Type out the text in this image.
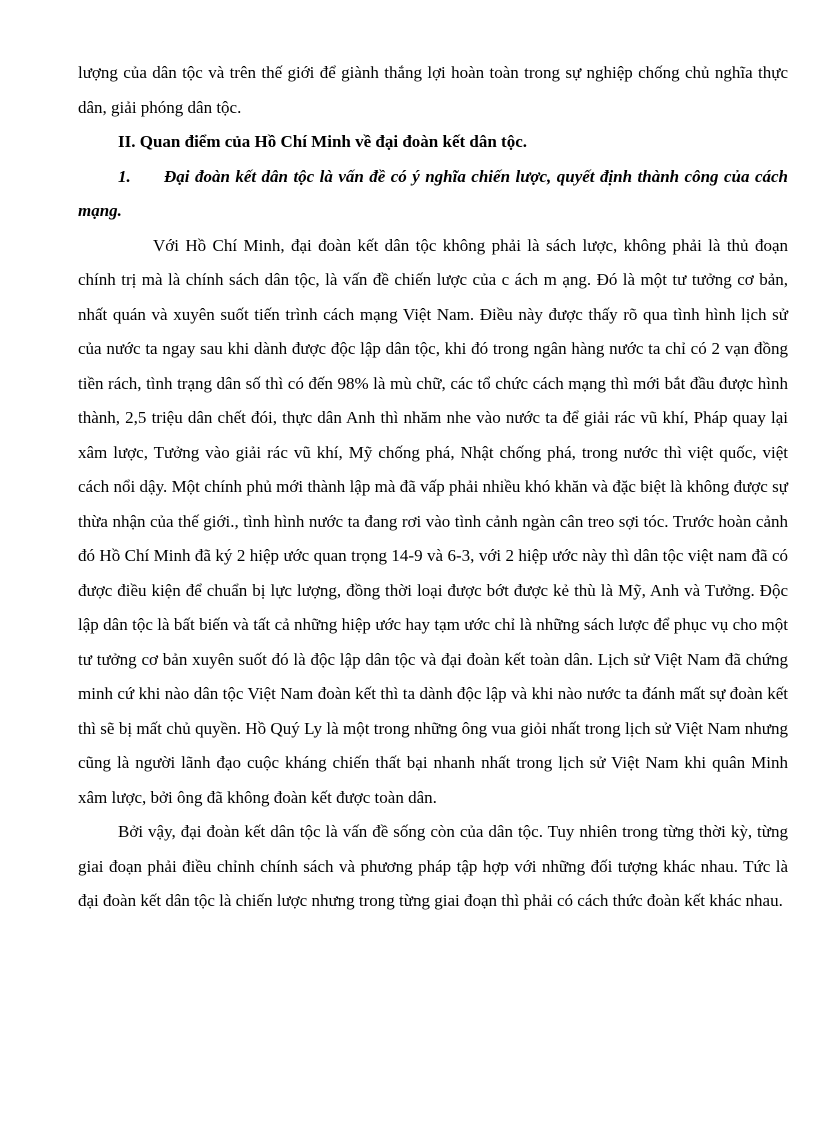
lượng của dân tộc và trên thế giới để giành thắng lợi hoàn toàn trong sự nghiệp chống chủ nghĩa thực dân, giải phóng dân tộc.

II. Quan điểm của Hồ Chí Minh về đại đoàn kết dân tộc.

1. Đại đoàn kết dân tộc là vấn đề có ý nghĩa chiến lược, quyết định thành công của cách mạng.

Với Hồ Chí Minh, đại đoàn kết dân tộc không phải là sách lược, không phải là thủ đoạn chính trị mà là chính sách dân tộc, là vấn đề chiến lược của c ách m ạng. Đó là một tư tưởng cơ bản, nhất quán và xuyên suốt tiến trình cách mạng Việt Nam. Điều này được thấy rõ qua tình hình lịch sử của nước ta ngay sau khi dành được độc lập dân tộc, khi đó trong ngân hàng nước ta chỉ có 2 vạn đồng tiền rách, tình trạng dân số thì có đến 98% là mù chữ, các tổ chức cách mạng thì mới bắt đầu được hình thành, 2,5 triệu dân chết đói, thực dân Anh thì nhăm nhe vào nước ta để giải rác vũ khí, Pháp quay lại xâm lược, Tưởng vào giải rác vũ khí, Mỹ chống phá, Nhật chống phá, trong nước thì việt quốc, việt cách nổi dậy. Một chính phủ mới thành lập mà đã vấp phải nhiều khó khăn và đặc biệt là không được sự thừa nhận của thế giới., tình hình nước ta đang rơi vào tình cảnh ngàn cân treo sợi tóc. Trước hoàn cảnh đó Hồ Chí Minh đã ký 2 hiệp ước quan trọng 14-9 và 6-3, với 2 hiệp ước này thì dân tộc việt nam đã có được điều kiện để chuẩn bị lực lượng, đồng thời loại được bớt được kẻ thù là Mỹ, Anh và Tưởng. Độc lập dân tộc là bất biến và tất cả những hiệp ước hay tạm ước chỉ là những sách lược để phục vụ cho một tư tưởng cơ bản xuyên suốt đó là độc lập dân tộc và đại đoàn kết toàn dân. Lịch sử Việt Nam đã chứng minh cứ khi nào dân tộc Việt Nam đoàn kết thì ta dành độc lập và khi nào nước ta đánh mất sự đoàn kết thì sẽ bị mất chủ quyền. Hồ Quý Ly là một trong những ông vua giỏi nhất trong lịch sử Việt Nam nhưng cũng là người lãnh đạo cuộc kháng chiến thất bại nhanh nhất trong lịch sử Việt Nam khi quân Minh xâm lược, bởi ông đã không đoàn kết được toàn dân.

Bởi vậy, đại đoàn kết dân tộc là vấn đề sống còn của dân tộc. Tuy nhiên trong từng thời kỳ, từng giai đoạn phải điều chỉnh chính sách và phương pháp tập hợp với những đối tượng khác nhau. Tức là đại đoàn kết dân tộc là chiến lược nhưng trong từng giai đoạn thì phải có cách thức đoàn kết khác nhau.
